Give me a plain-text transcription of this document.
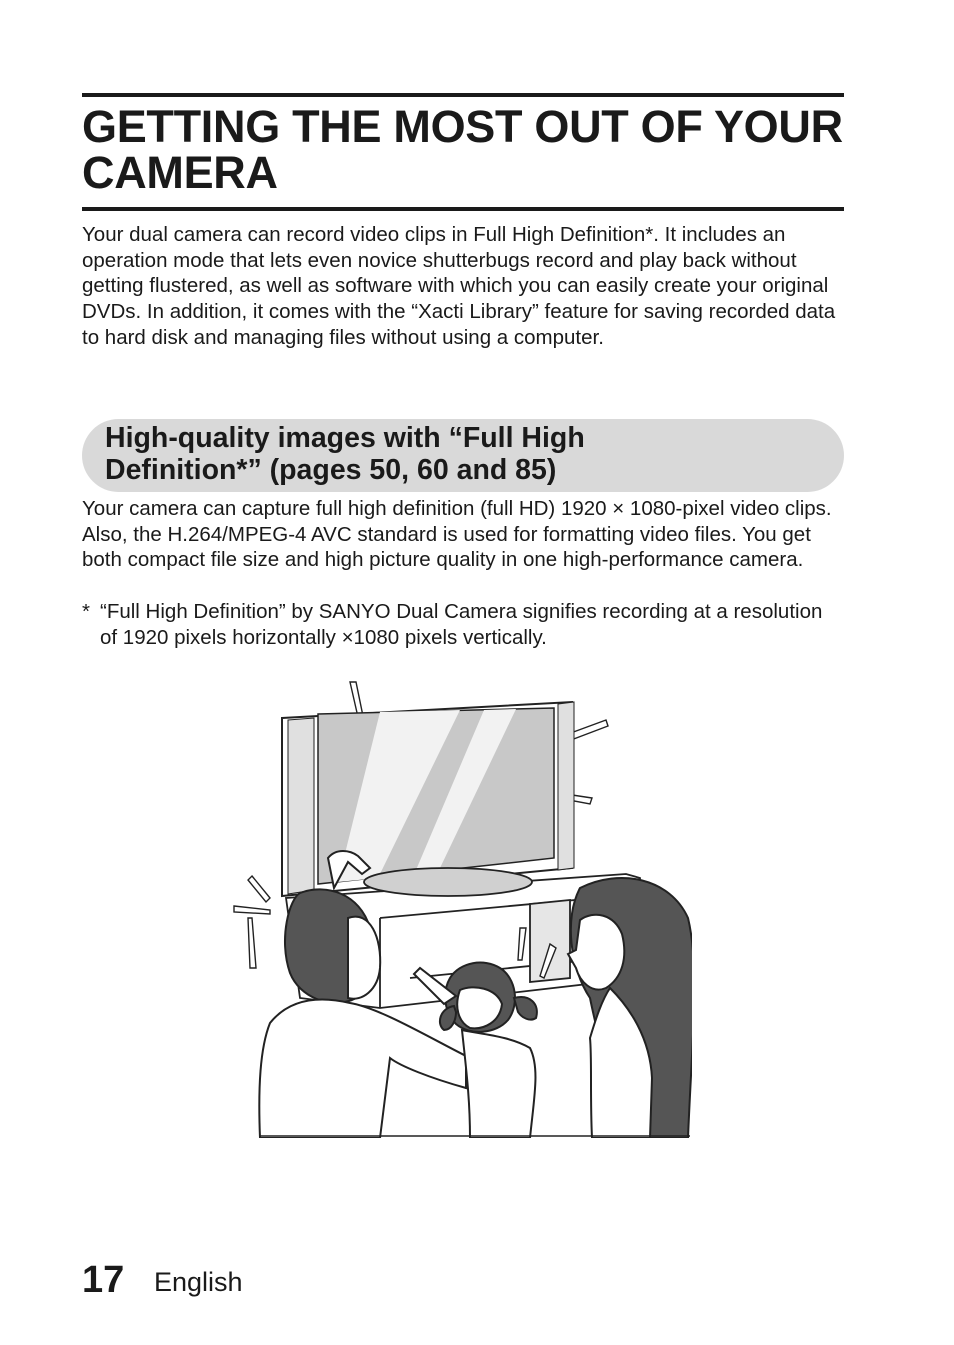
GETTING THE MOST OUT OF YOUR
CAMERA

Your dual camera can record video clips in Full High Definition*. It includes an operation mode that lets even novice shutterbugs record and play back without getting flustered, as well as software with which you can easily create your original DVDs. In addition, it comes with the “Xacti Library” feature for saving recorded data to hard disk and managing files without using a computer.

High-quality images with “Full High
Definition*” (pages 50, 60 and 85)

Your camera can capture full high definition (full HD) 1920 × 1080-pixel video clips. Also, the H.264/MPEG-4 AVC standard is used for formatting video files. You get both compact file size and high picture quality in one high-performance camera.

* “Full High Definition” by SANYO Dual Camera signifies recording at a resolution of 1920 pixels horizontally ×1080 pixels vertically.

17 English
